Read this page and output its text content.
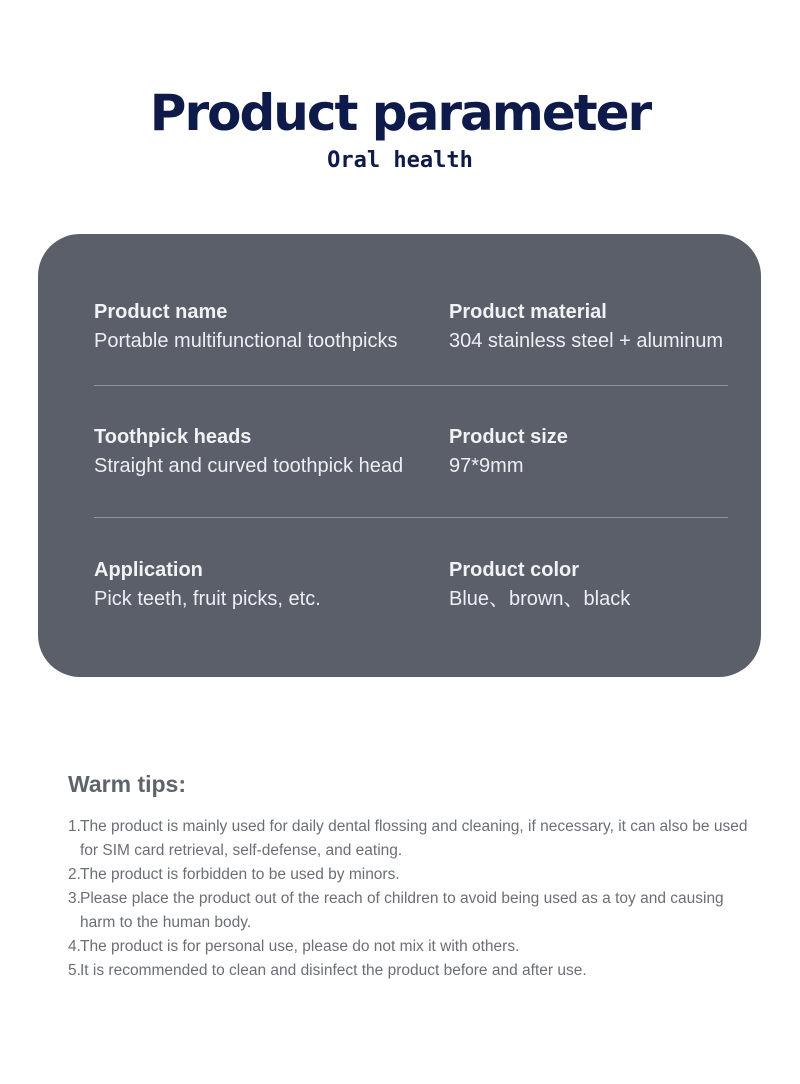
Product parameter
Oral health
Product name
Portable multifunctional toothpicks
Product material
304 stainless steel + aluminum
Toothpick heads
Straight and curved toothpick head
Product size
97*9mm
Application
Pick teeth, fruit picks, etc.
Product color
Blue、brown、black
Warm tips:
1. The product is mainly used for daily dental flossing and cleaning, if necessary, it can also be used for SIM card retrieval, self-defense, and eating.
2. The product is forbidden to be used by minors.
3. Please place the product out of the reach of children to avoid being used as a toy and causing harm to the human body.
4. The product is for personal use, please do not mix it with others.
5. It is recommended to clean and disinfect the product before and after use.
